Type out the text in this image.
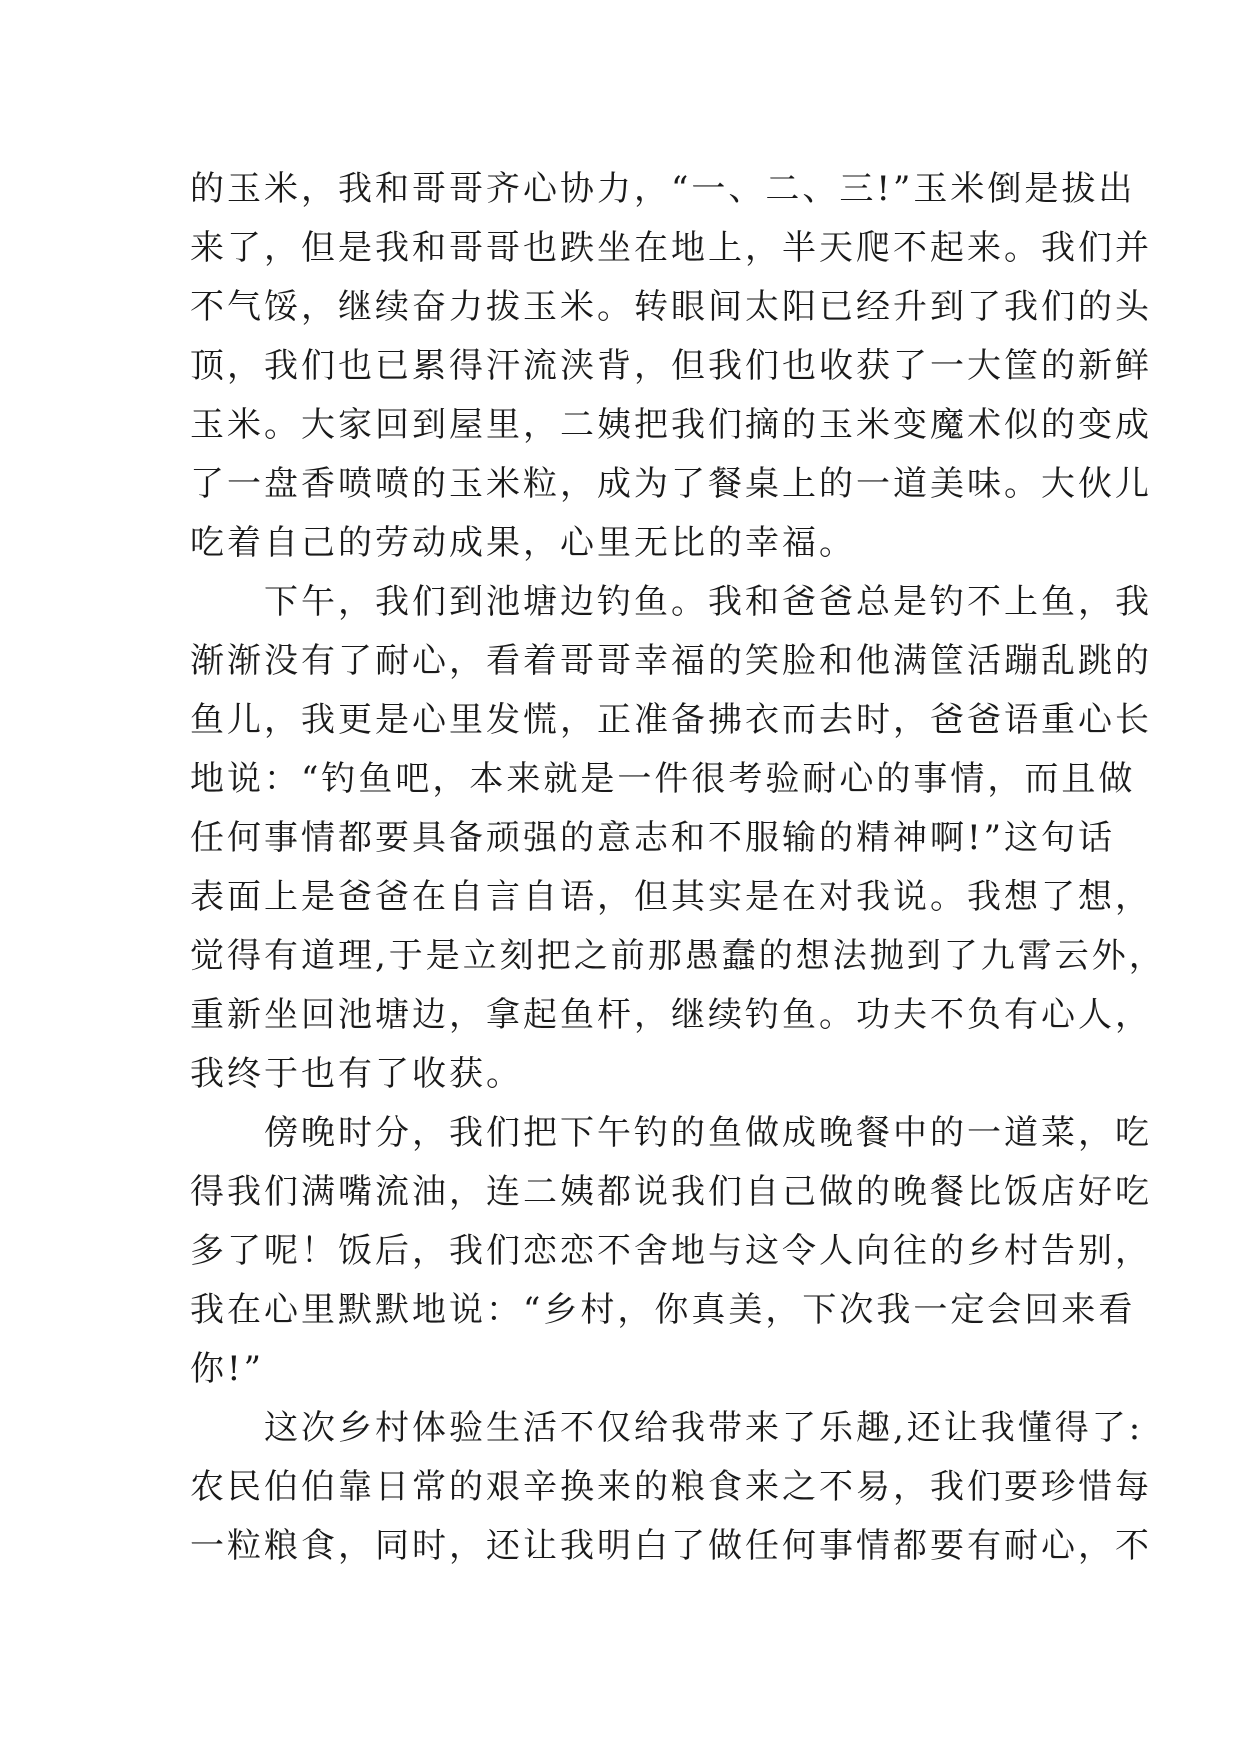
的玉米，我和哥哥齐心协力，“一、二、三!”玉米倒是拔出
来了，但是我和哥哥也跌坐在地上，半天爬不起来。我们并
不气馁，继续奋力拔玉米。转眼间太阳已经升到了我们的头
顶，我们也已累得汗流浃背，但我们也收获了一大筐的新鲜
玉米。大家回到屋里，二姨把我们摘的玉米变魔术似的变成
了一盘香喷喷的玉米粒，成为了餐桌上的一道美味。大伙儿
吃着自己的劳动成果，心里无比的幸福。
　　下午，我们到池塘边钓鱼。我和爸爸总是钓不上鱼，我
渐渐没有了耐心，看着哥哥幸福的笑脸和他满筐活蹦乱跳的
鱼儿，我更是心里发慌，正准备拂衣而去时，爸爸语重心长
地说：“钓鱼吧，本来就是一件很考验耐心的事情，而且做
任何事情都要具备顽强的意志和不服输的精神啊!”这句话
表面上是爸爸在自言自语，但其实是在对我说。我想了想，
觉得有道理,于是立刻把之前那愚蠢的想法抛到了九霄云外，
重新坐回池塘边，拿起鱼杆，继续钓鱼。功夫不负有心人，
我终于也有了收获。
　　傍晚时分，我们把下午钓的鱼做成晚餐中的一道菜，吃
得我们满嘴流油，连二姨都说我们自己做的晚餐比饭店好吃
多了呢！饭后，我们恋恋不舍地与这令人向往的乡村告别，
我在心里默默地说：“乡村，你真美，下次我一定会回来看
你!”
　　这次乡村体验生活不仅给我带来了乐趣,还让我懂得了:
农民伯伯靠日常的艰辛换来的粮食来之不易，我们要珍惜每
一粒粮食，同时，还让我明白了做任何事情都要有耐心，不
